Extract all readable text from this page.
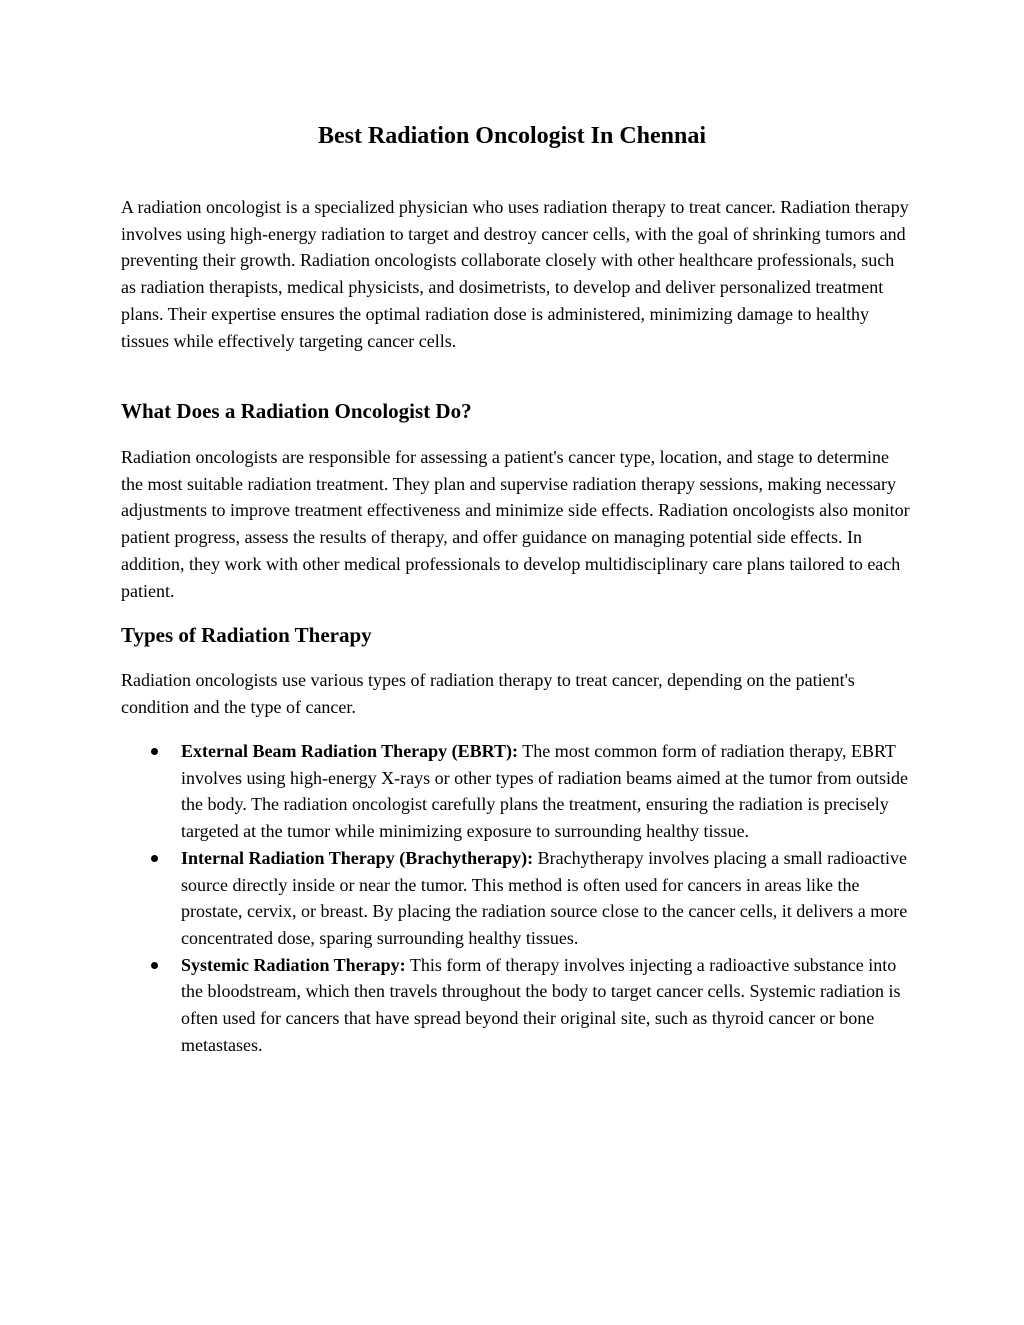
Best Radiation Oncologist In Chennai

A radiation oncologist is a specialized physician who uses radiation therapy to treat cancer. Radiation therapy involves using high-energy radiation to target and destroy cancer cells, with the goal of shrinking tumors and preventing their growth. Radiation oncologists collaborate closely with other healthcare professionals, such as radiation therapists, medical physicists, and dosimetrists, to develop and deliver personalized treatment plans. Their expertise ensures the optimal radiation dose is administered, minimizing damage to healthy tissues while effectively targeting cancer cells.

What Does a Radiation Oncologist Do?

Radiation oncologists are responsible for assessing a patient's cancer type, location, and stage to determine the most suitable radiation treatment. They plan and supervise radiation therapy sessions, making necessary adjustments to improve treatment effectiveness and minimize side effects. Radiation oncologists also monitor patient progress, assess the results of therapy, and offer guidance on managing potential side effects. In addition, they work with other medical professionals to develop multidisciplinary care plans tailored to each patient.

Types of Radiation Therapy

Radiation oncologists use various types of radiation therapy to treat cancer, depending on the patient's condition and the type of cancer.

External Beam Radiation Therapy (EBRT): The most common form of radiation therapy, EBRT involves using high-energy X-rays or other types of radiation beams aimed at the tumor from outside the body. The radiation oncologist carefully plans the treatment, ensuring the radiation is precisely targeted at the tumor while minimizing exposure to surrounding healthy tissue.
Internal Radiation Therapy (Brachytherapy): Brachytherapy involves placing a small radioactive source directly inside or near the tumor. This method is often used for cancers in areas like the prostate, cervix, or breast. By placing the radiation source close to the cancer cells, it delivers a more concentrated dose, sparing surrounding healthy tissues.
Systemic Radiation Therapy: This form of therapy involves injecting a radioactive substance into the bloodstream, which then travels throughout the body to target cancer cells. Systemic radiation is often used for cancers that have spread beyond their original site, such as thyroid cancer or bone metastases.
